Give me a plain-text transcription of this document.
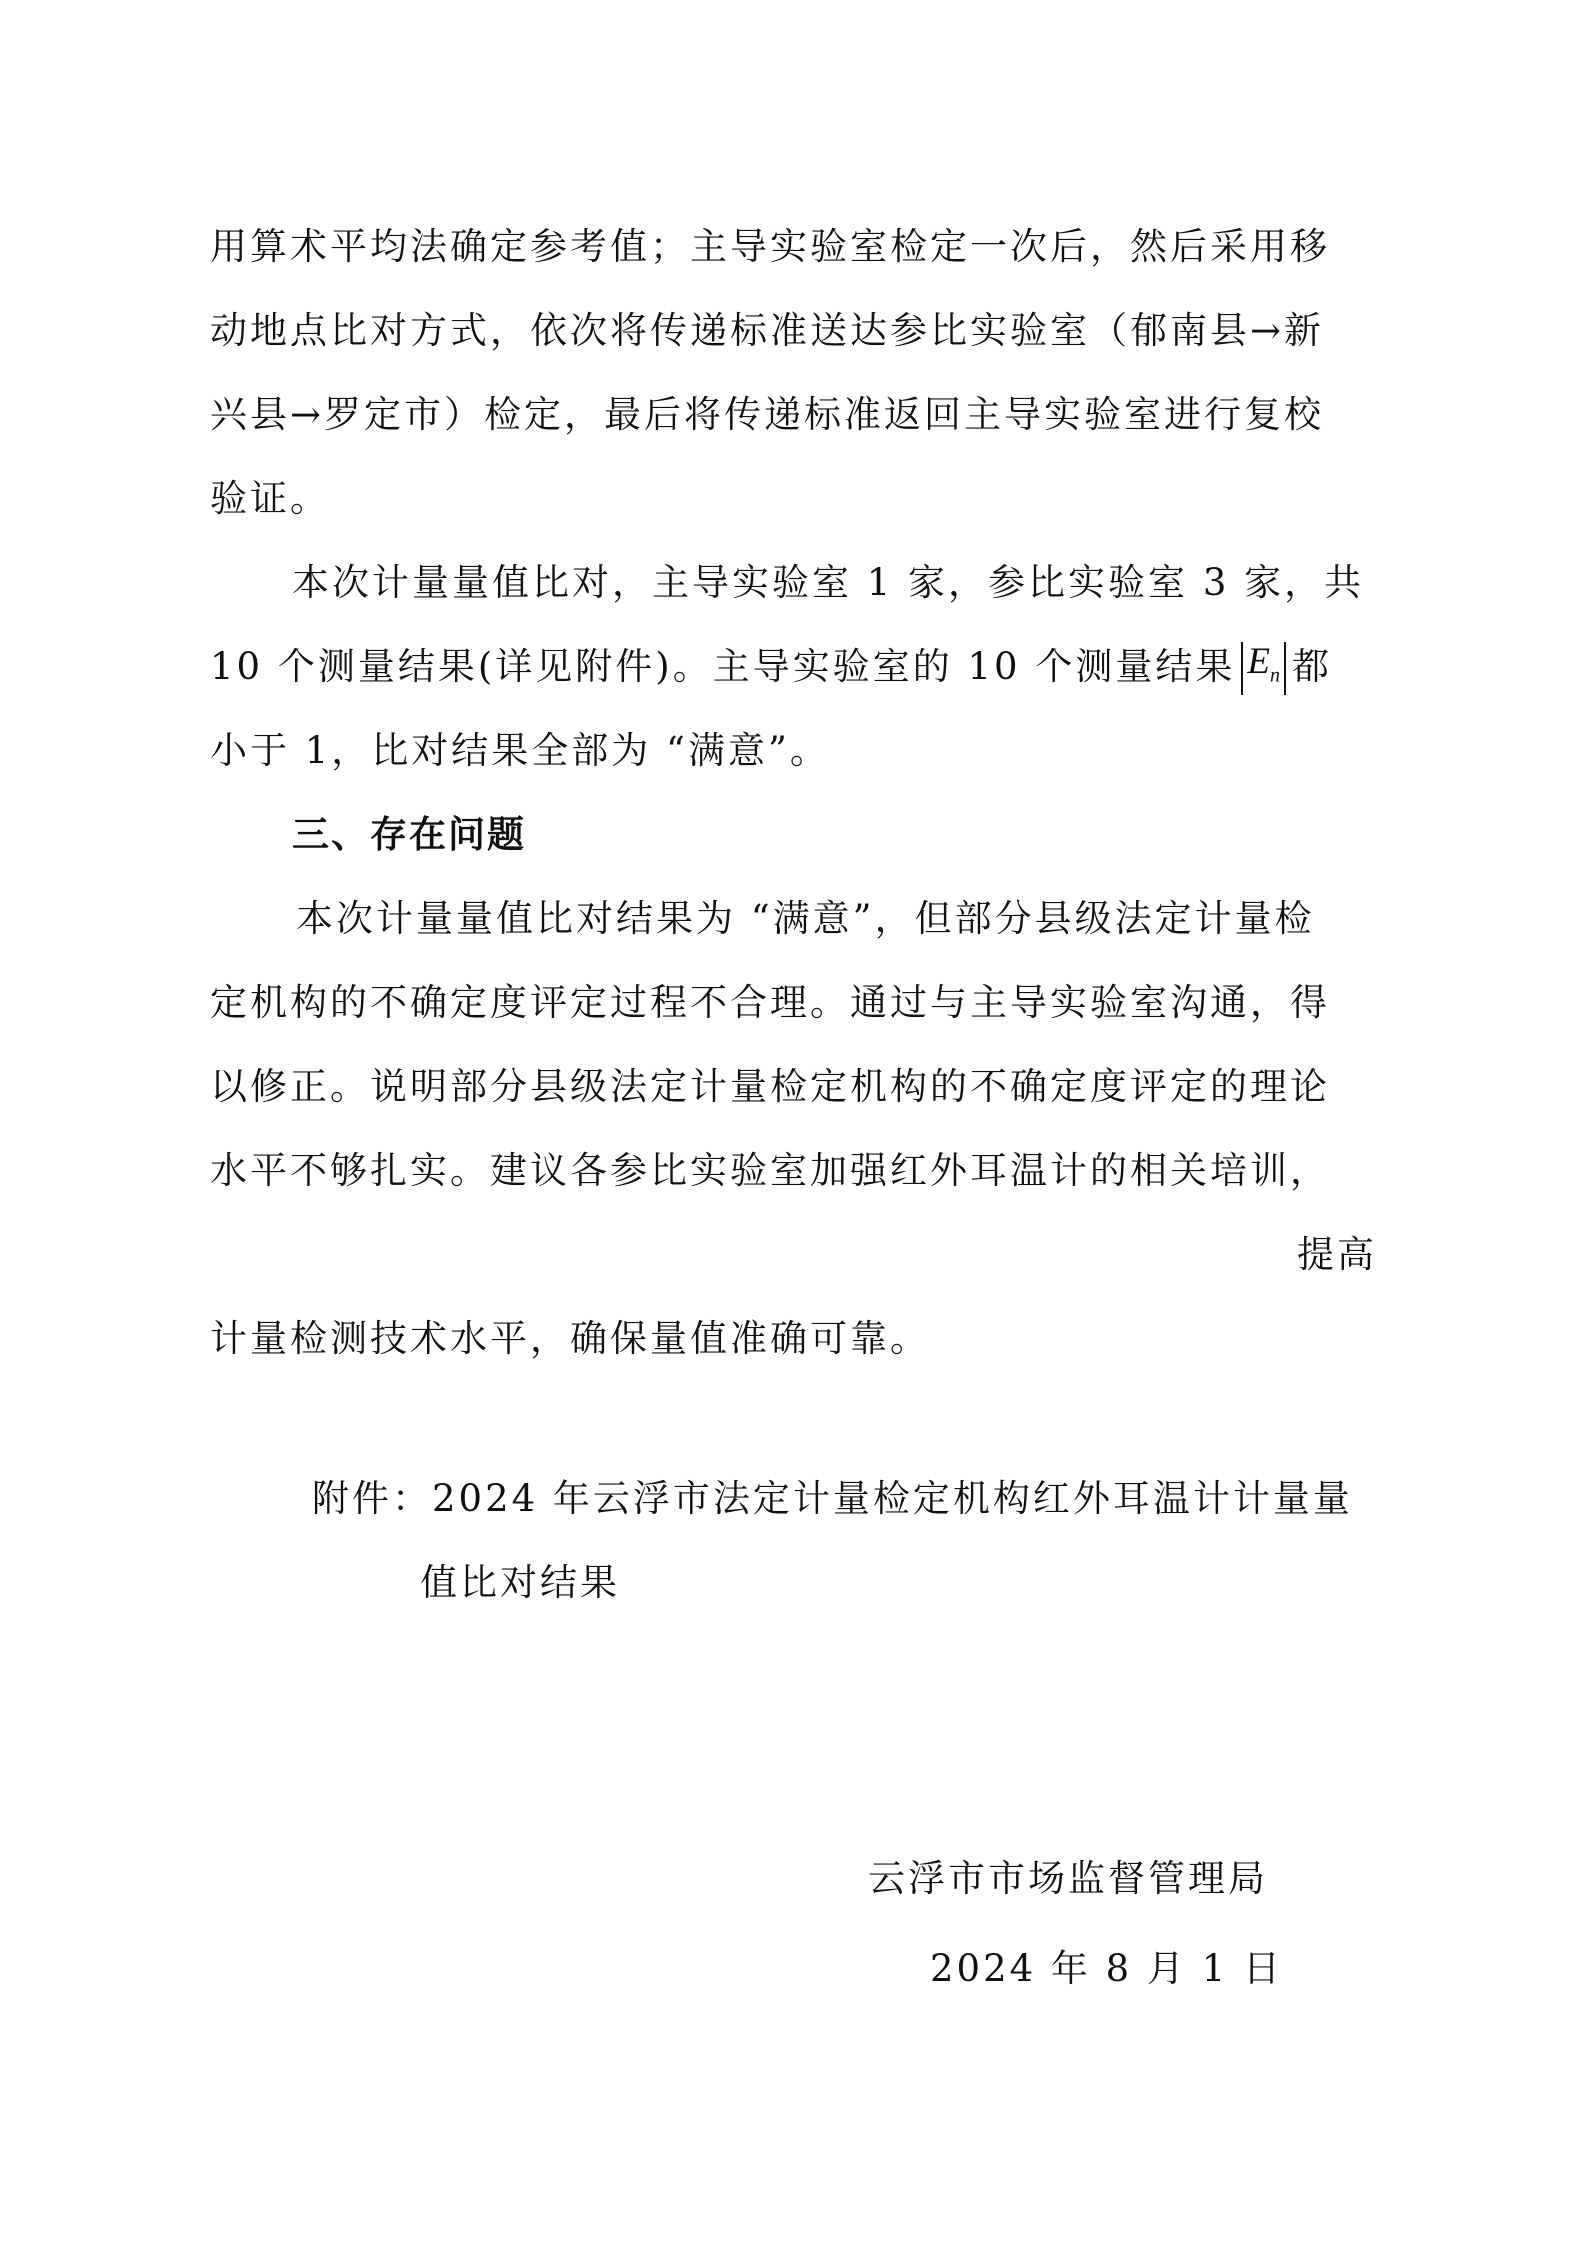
用算术平均法确定参考值；主导实验室检定一次后，然后采用移
动地点比对方式，依次将传递标准送达参比实验室（郁南县→新
兴县→罗定市）检定，最后将传递标准返回主导实验室进行复校
验证。
本次计量量值比对，主导实验室 1 家，参比实验室 3 家，共
10 个测量结果(详见附件)。主导实验室的 10 个测量结果 $E_n$ 都
小于 1，比对结果全部为 “满意”。
三、存在问题
本次计量量值比对结果为 “满意”，但部分县级法定计量检
定机构的不确定度评定过程不合理。通过与主导实验室沟通，得
以修正。说明部分县级法定计量检定机构的不确定度评定的理论
水平不够扎实。建议各参比实验室加强红外耳温计的相关培训，
提高
计量检测技术水平，确保量值准确可靠。
附件：2024 年云浮市法定计量检定机构红外耳温计计量量
值比对结果
云浮市市场监督管理局
2024 年 8 月 1 日
